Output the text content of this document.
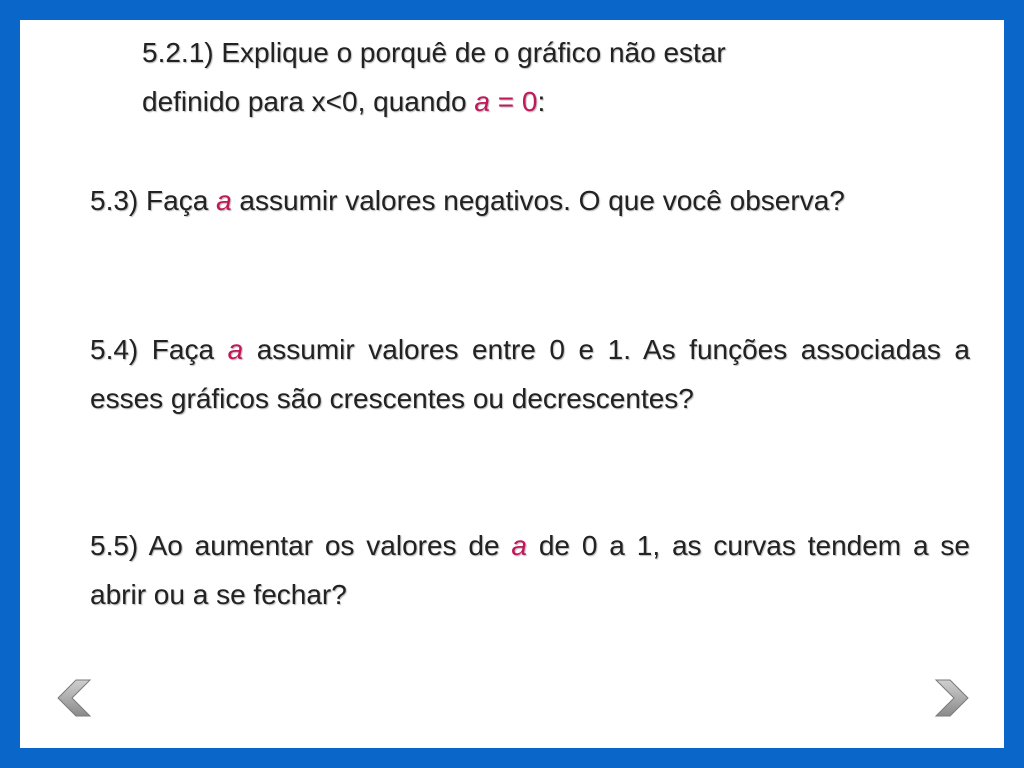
5.2.1) Explique o porquê de o gráfico não estar
definido para x<0, quando a = 0:
5.3) Faça a assumir valores negativos. O que você observa?
5.4) Faça a assumir valores entre 0 e 1. As funções associadas a esses gráficos são crescentes ou decrescentes?
5.5) Ao aumentar os valores de a de 0 a 1, as curvas tendem a se abrir ou a se fechar?
